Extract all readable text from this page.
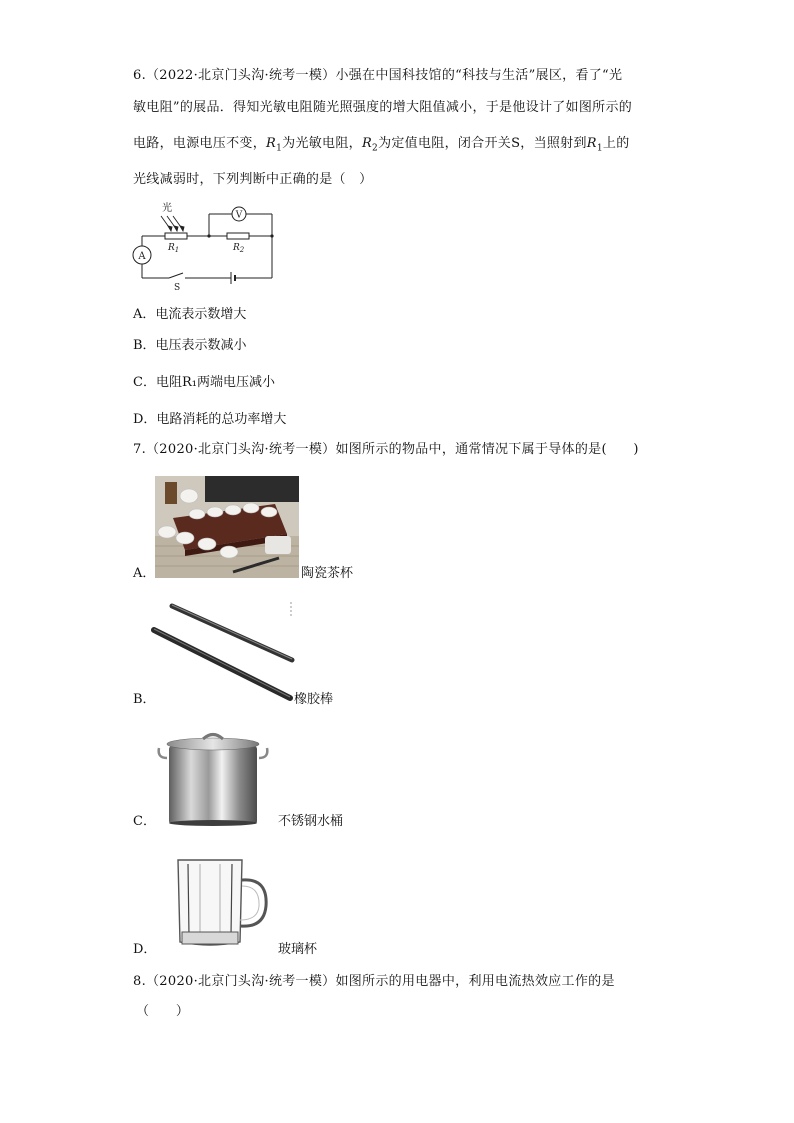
6.（2022·北京门头沟·统考一模）小强在中国科技馆的“科技与生活”展区，看了“光
敏电阻”的展品．得知光敏电阻随光照强度的增大阻值减小，于是他设计了如图所示的
电路，电源电压不变，$R_1$为光敏电阻，$R_2$为定值电阻，闭合开关S，当照射到$R_1$上的
光线减弱时，下列判断中正确的是（　）
V
A
光
$R_1$	$R_2$
S
A．电流表示数增大
B．电压表示数减小
C．电阻R₁两端电压减小
D．电路消耗的总功率增大
7.（2020·北京门头沟·统考一模）如图所示的物品中，通常情况下属于导体的是(　　)
A．	陶瓷茶杯
B．	橡胶棒
C．	不锈钢水桶
D．	玻璃杯
8.（2020·北京门头沟·统考一模）如图所示的用电器中，利用电流热效应工作的是
（　　）
